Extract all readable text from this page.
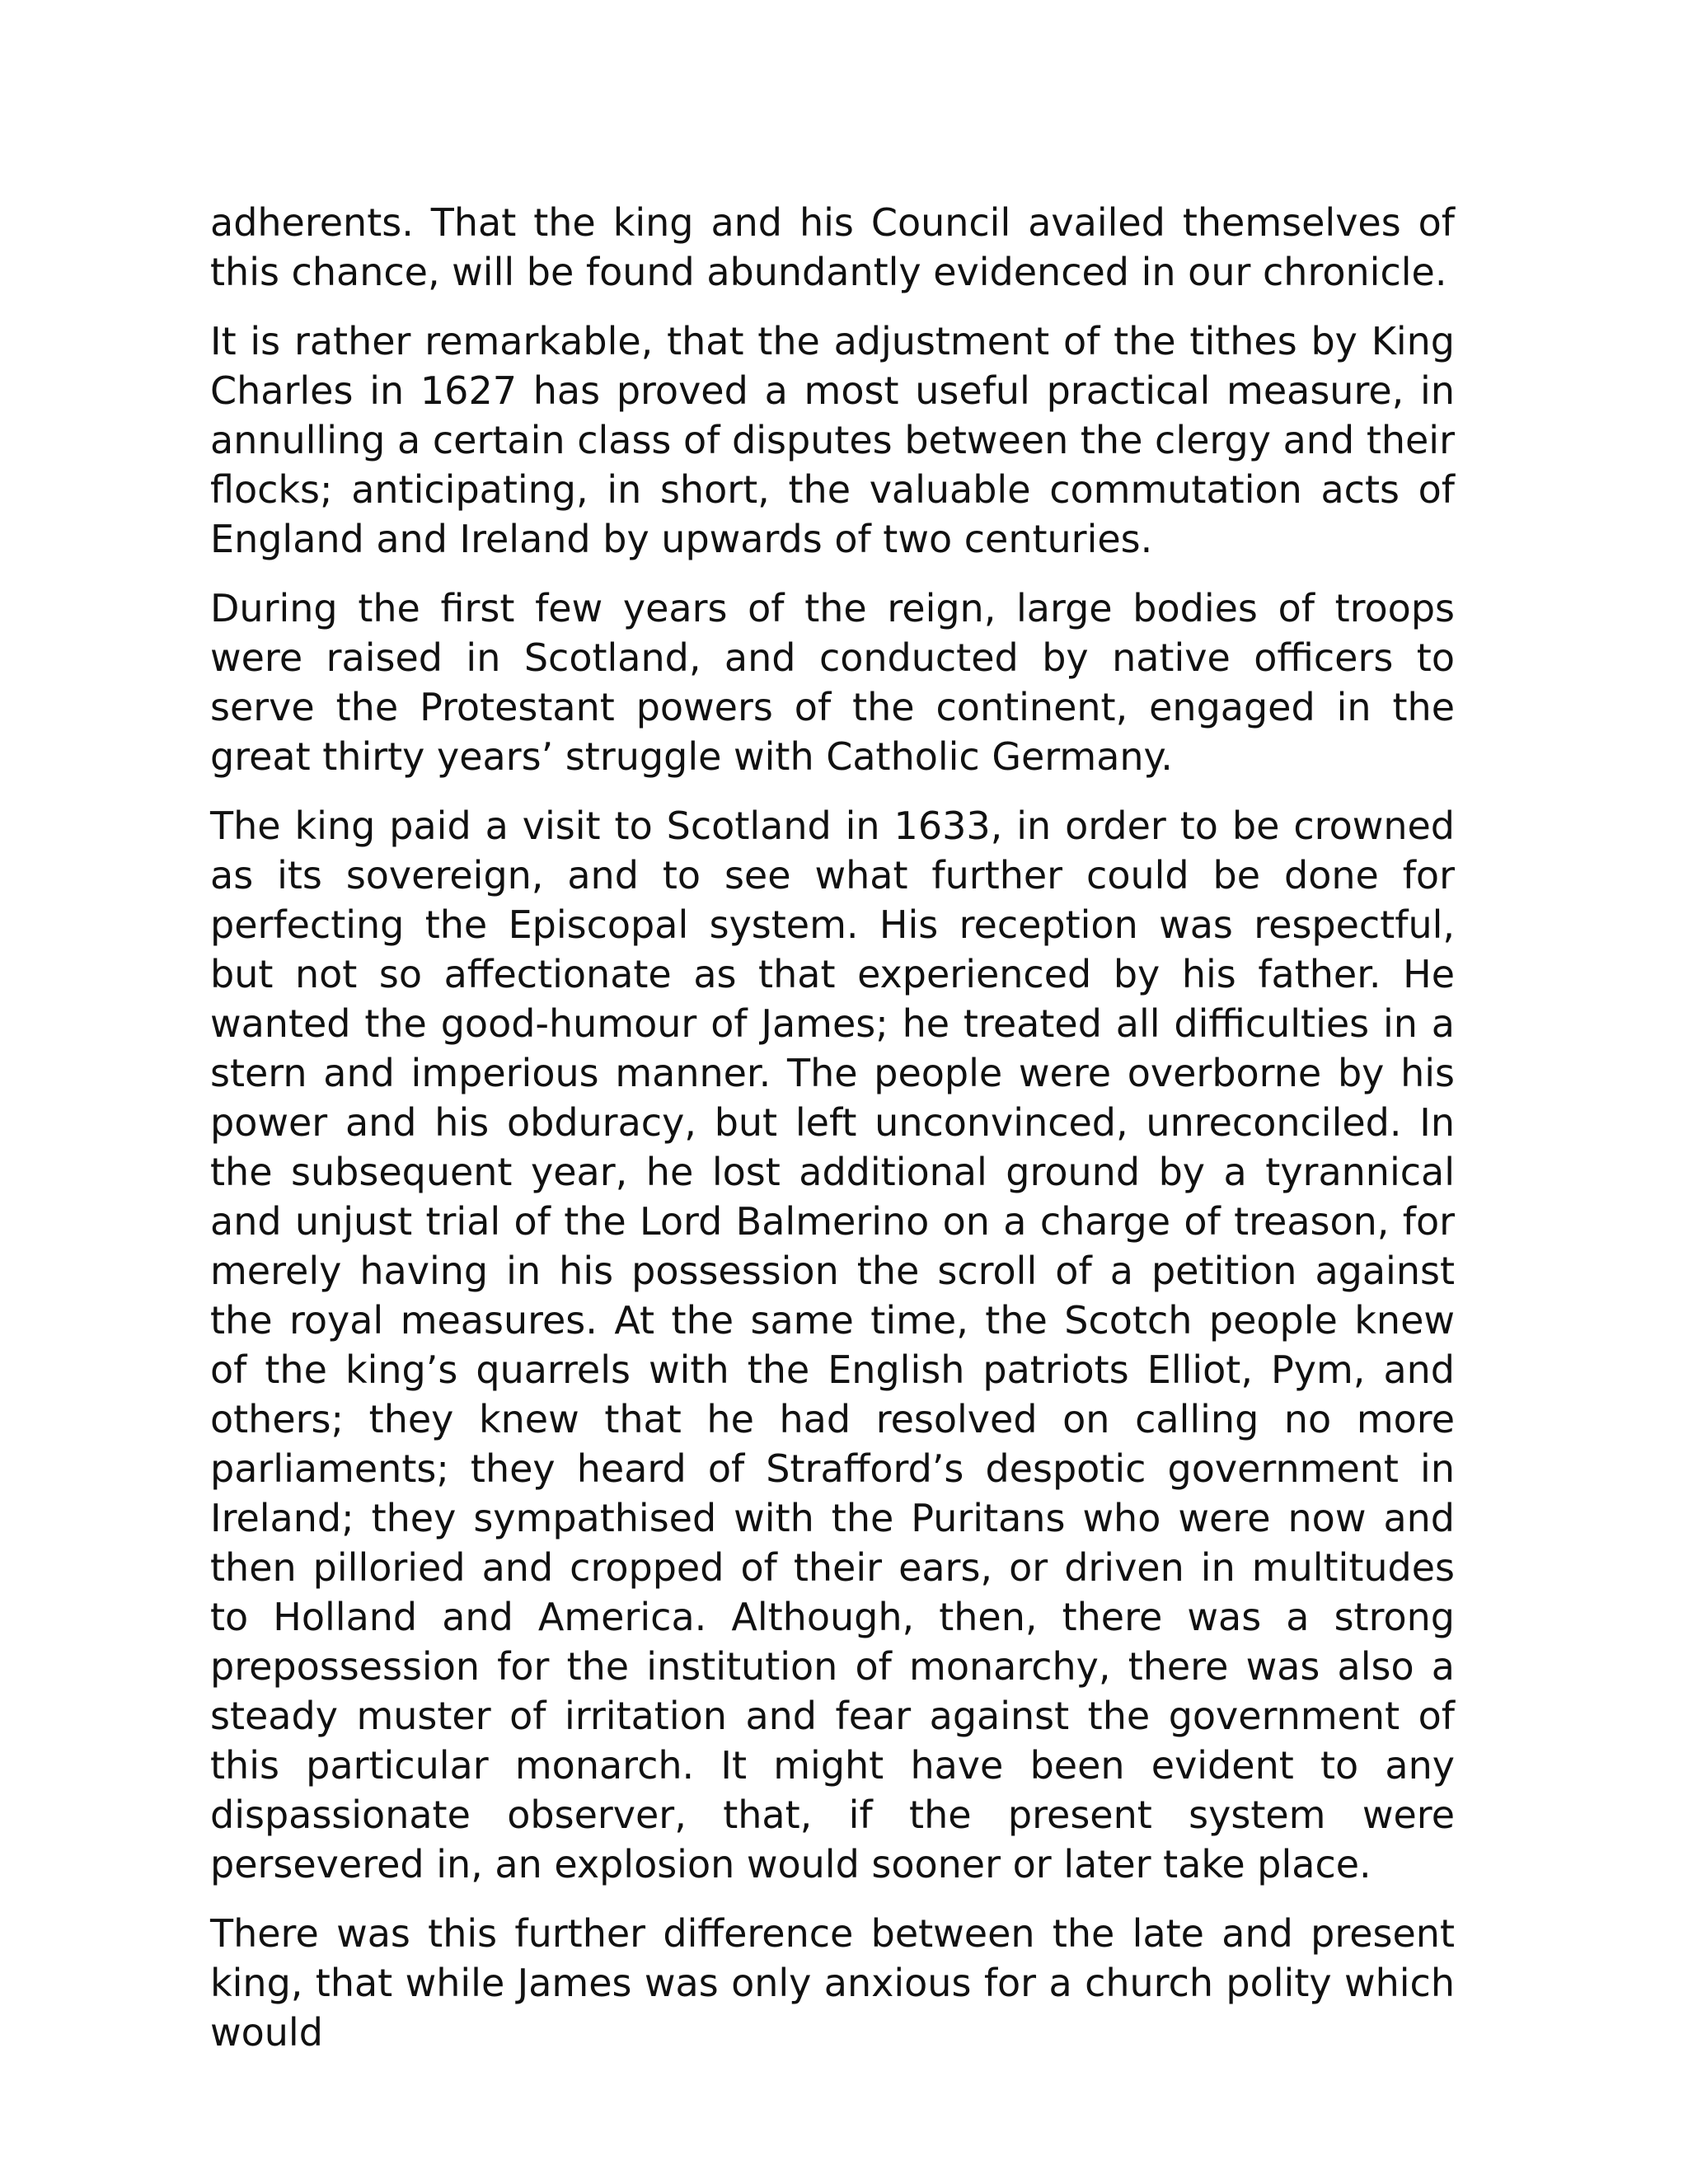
adherents. That the king and his Council availed themselves of this chance, will be found abundantly evidenced in our chronicle.

It is rather remarkable, that the adjustment of the tithes by King Charles in 1627 has proved a most useful practical measure, in annulling a certain class of disputes between the clergy and their flocks; anticipating, in short, the valuable commutation acts of England and Ireland by upwards of two centuries.

During the first few years of the reign, large bodies of troops were raised in Scotland, and conducted by native officers to serve the Protestant powers of the continent, engaged in the great thirty years’ struggle with Catholic Germany.

The king paid a visit to Scotland in 1633, in order to be crowned as its sovereign, and to see what further could be done for perfecting the Episcopal system. His reception was respectful, but not so affectionate as that experienced by his father. He wanted the good-humour of James; he treated all difficulties in a stern and imperious manner. The people were overborne by his power and his obduracy, but left unconvinced, unreconciled. In the subsequent year, he lost additional ground by a tyrannical and unjust trial of the Lord Balmerino on a charge of treason, for merely having in his possession the scroll of a petition against the royal measures. At the same time, the Scotch people knew of the king’s quarrels with the English patriots Elliot, Pym, and others; they knew that he had resolved on calling no more parliaments; they heard of Strafford’s despotic government in Ireland; they sympathised with the Puritans who were now and then pilloried and cropped of their ears, or driven in multitudes to Holland and America. Although, then, there was a strong prepossession for the institution of monarchy, there was also a steady muster of irritation and fear against the government of this particular monarch. It might have been evident to any dispassionate observer, that, if the present system were persevered in, an explosion would sooner or later take place.

There was this further difference between the late and present king, that while James was only anxious for a church polity which would
